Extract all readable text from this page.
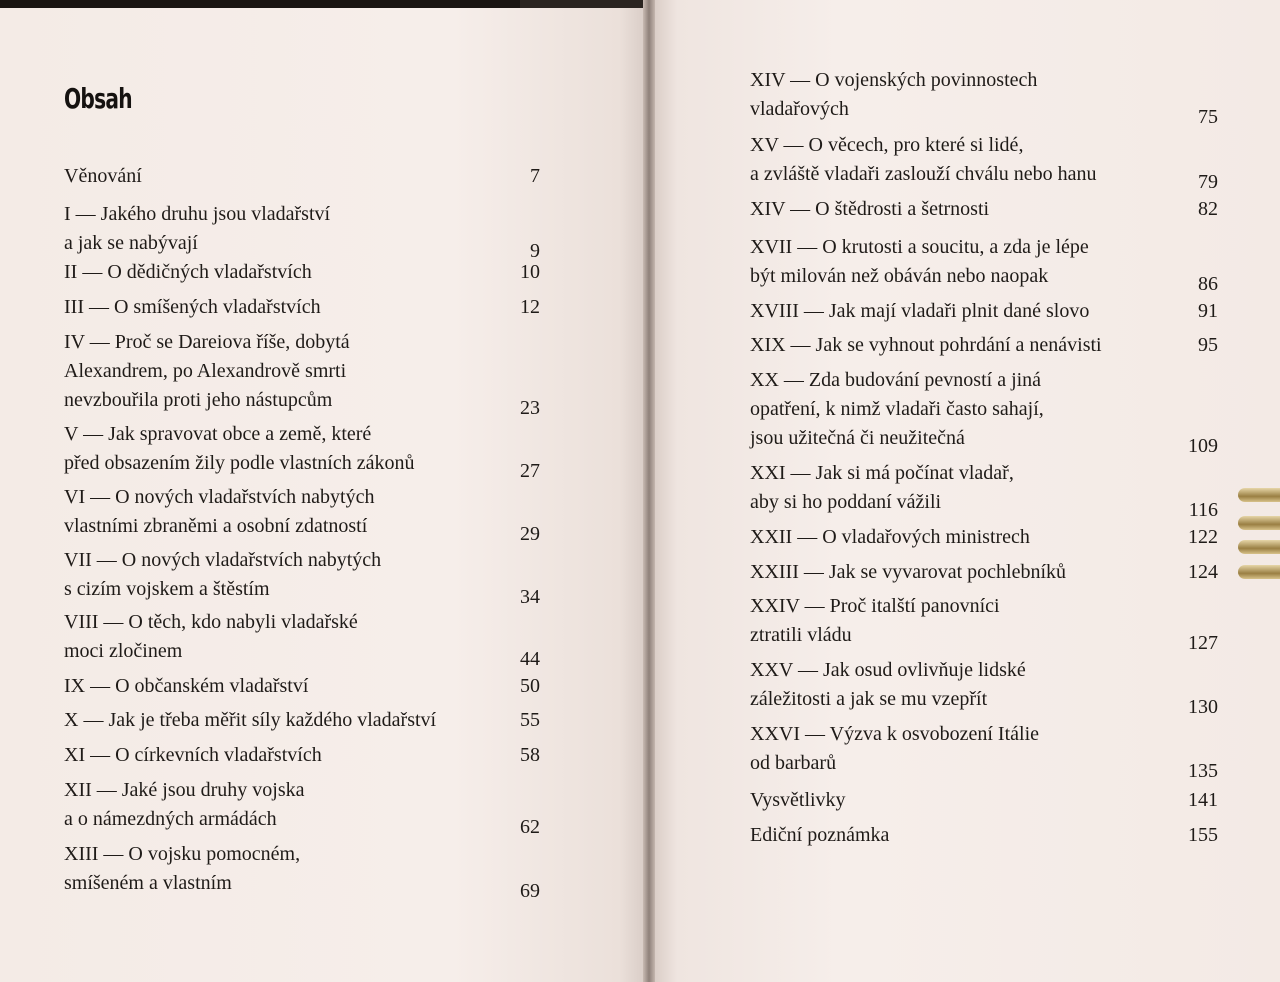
Obsah
Věnování	7
I — Jakého druhu jsou vladařství
a jak se nabývají	9
II — O dědičných vladařstvích	10
III — O smíšených vladařstvích	12
IV — Proč se Dareiova říše, dobytá
Alexandrem, po Alexandrově smrti
nevzbouřila proti jeho nástupcům	23
V — Jak spravovat obce a země, které
před obsazením žily podle vlastních zákonů	27
VI — O nových vladařstvích nabytých
vlastními zbraněmi a osobní zdatností	29
VII — O nových vladařstvích nabytých
s cizím vojskem a štěstím	34
VIII — O těch, kdo nabyli vladařské
moci zločinem	44
IX — O občanském vladařství	50
X — Jak je třeba měřit síly každého vladařství	55
XI — O církevních vladařstvích	58
XII — Jaké jsou druhy vojska
a o námezdných armádách	62
XIII — O vojsku pomocném,
smíšeném a vlastním	69
XIV — O vojenských povinnostech
vladařových	75
XV — O věcech, pro které si lidé,
a zvláště vladaři zaslouží chválu nebo hanu	79
XIV — O štědrosti a šetrnosti	82
XVII — O krutosti a soucitu, a zda je lépe
být milován než obáván nebo naopak	86
XVIII — Jak mají vladaři plnit dané slovo	91
XIX — Jak se vyhnout pohrdání a nenávisti	95
XX — Zda budování pevností a jiná
opatření, k nimž vladaři často sahají,
jsou užitečná či neužitečná	109
XXI — Jak si má počínat vladař,
aby si ho poddaní vážili	116
XXII — O vladařových ministrech	122
XXIII — Jak se vyvarovat pochlebníků	124
XXIV — Proč italští panovníci
ztratili vládu	127
XXV — Jak osud ovlivňuje lidské
záležitosti a jak se mu vzepřít	130
XXVI — Výzva k osvobození Itálie
od barbarů	135
Vysvětlivky	141
Ediční poznámka	155
